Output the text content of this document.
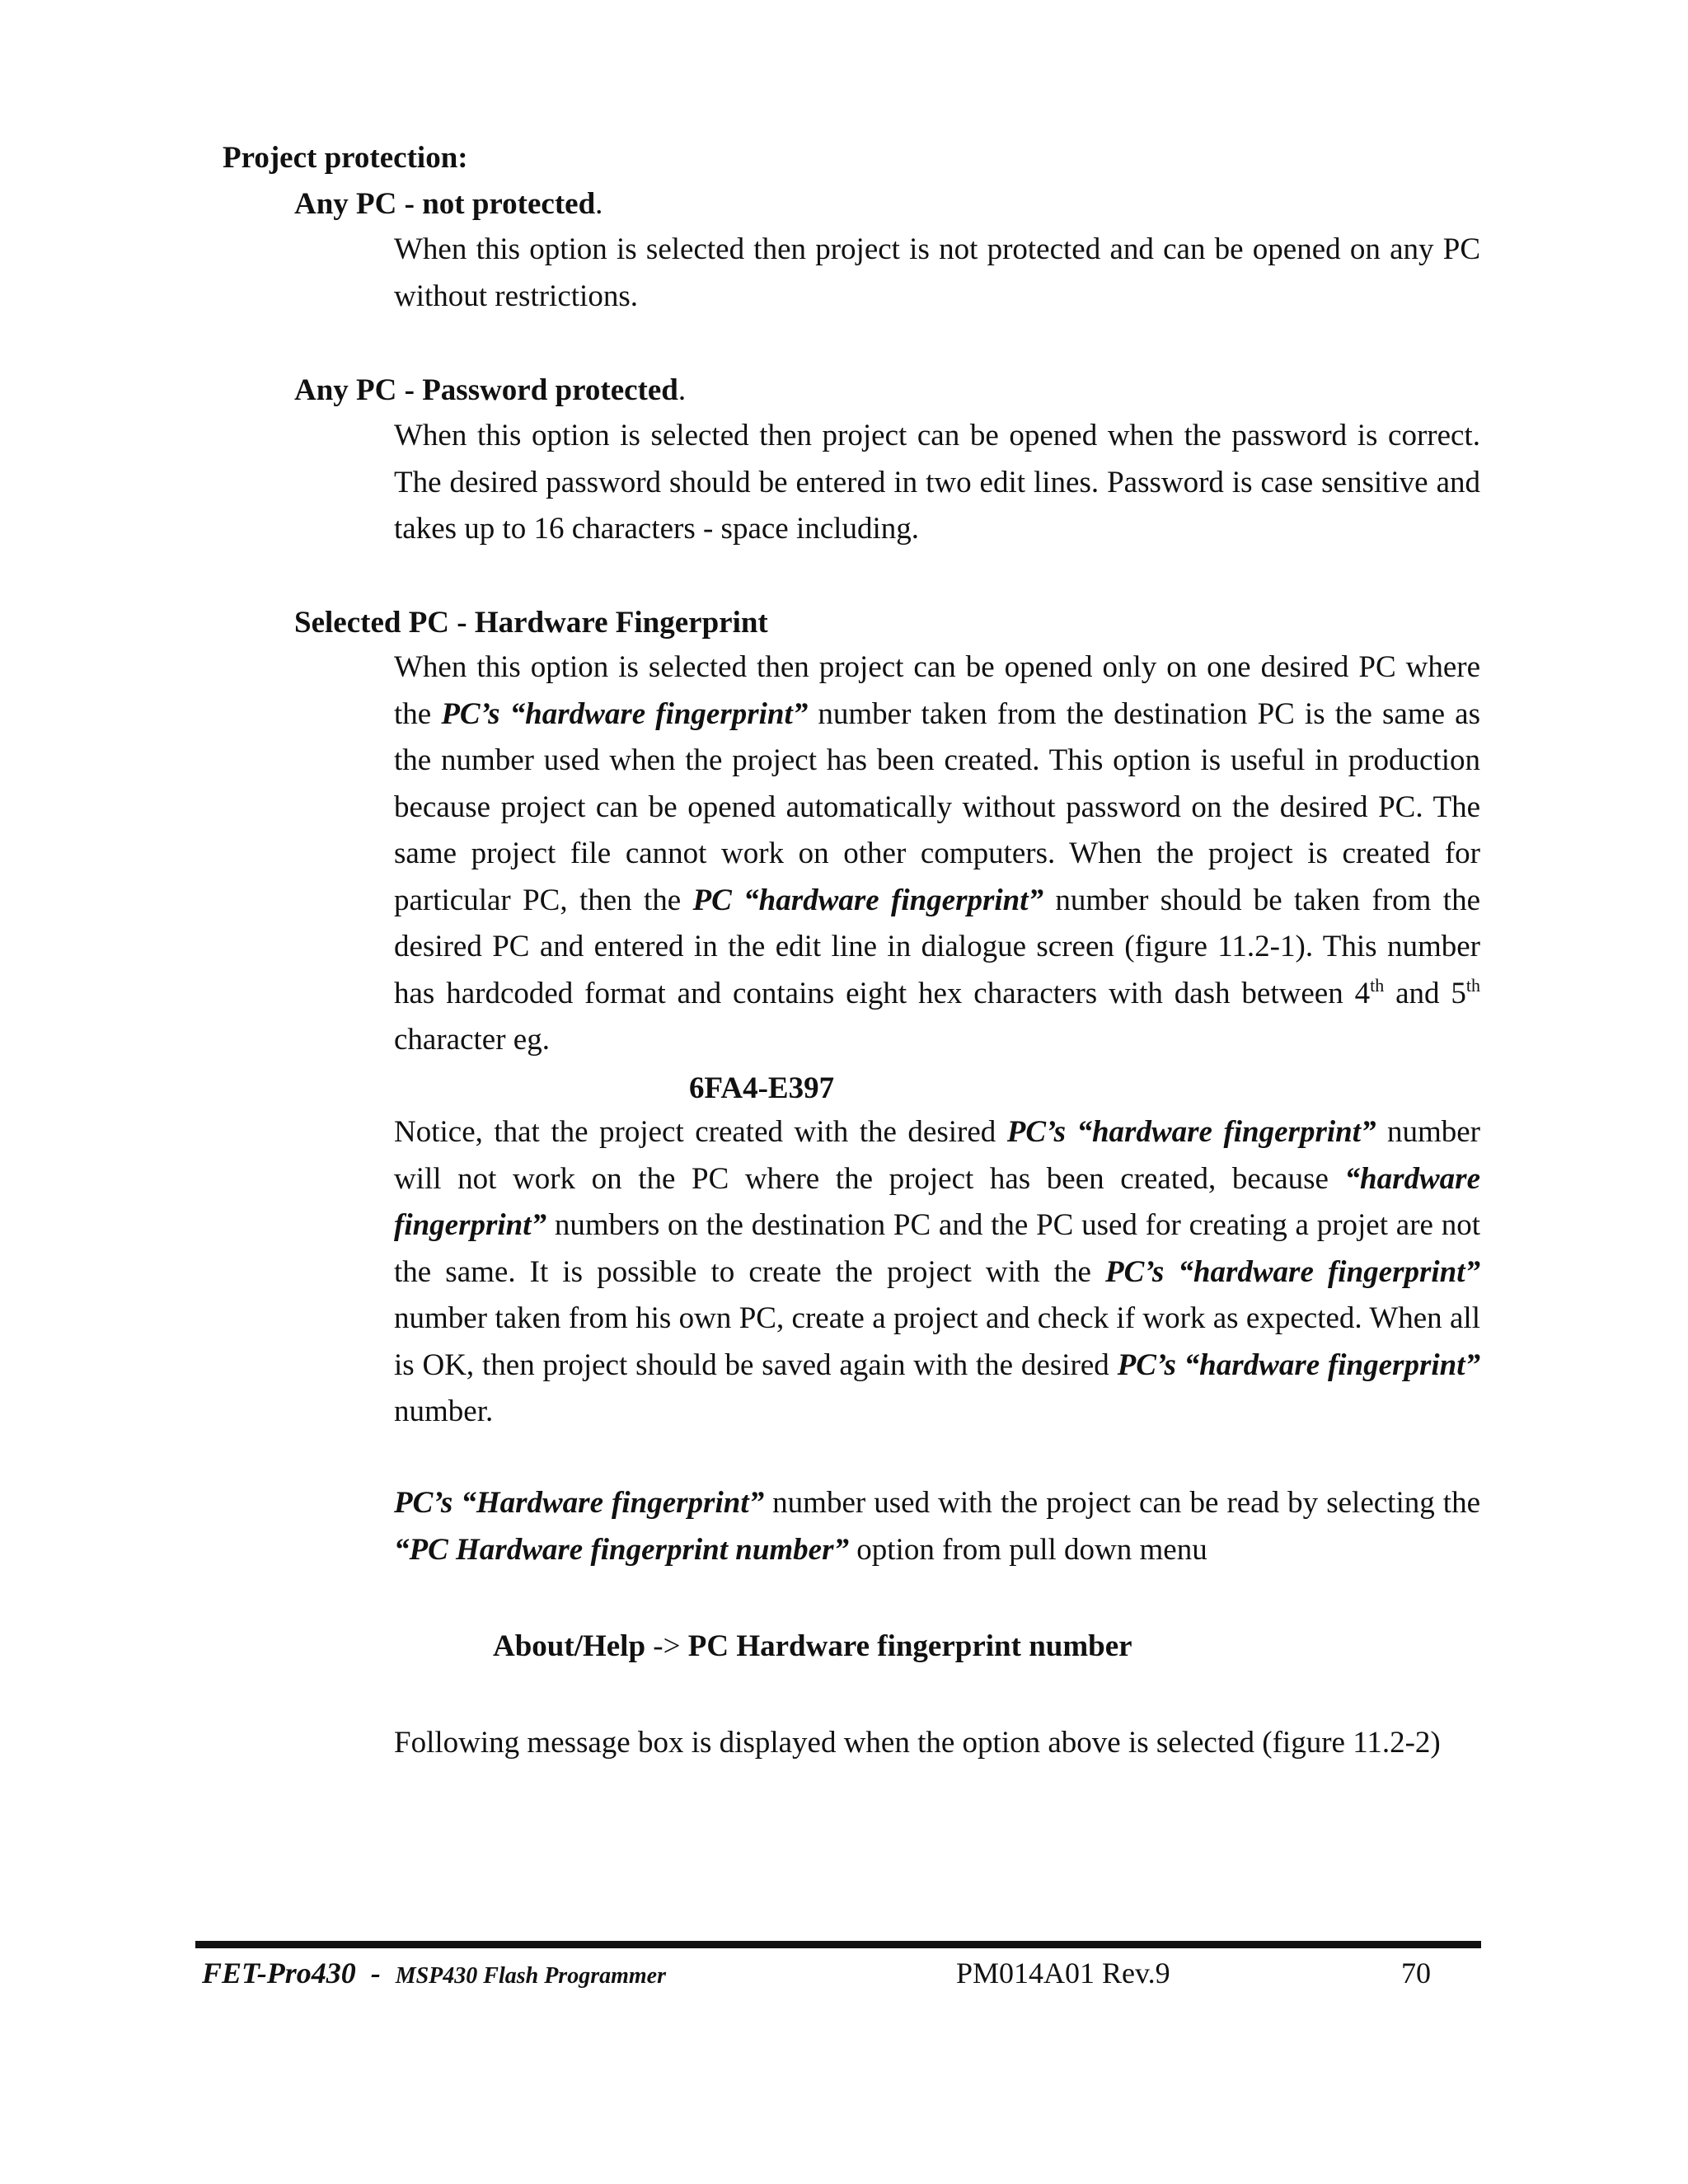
Project protection:
Any PC - not protected.
When this option is selected then project is not protected and can be opened on any PC without restrictions.
Any PC - Password protected.
When this option is selected then project can be opened when the password is correct. The desired password should be entered in two edit lines. Password is case sensitive and takes up to 16 characters - space including.
Selected PC - Hardware Fingerprint
When this option is selected then project can be opened only on one desired PC where the PC’s “hardware fingerprint” number taken from the destination PC is the same as the number used when the project has been created. This option is useful in production because project can be opened automatically without password on the desired PC. The same project file cannot work on other computers. When the project is created for particular PC, then the PC “hardware fingerprint” number should be taken from the desired PC and entered in the edit line in dialogue screen (figure 11.2-1). This number has hardcoded format and contains eight hex characters with dash between 4th and 5th character eg.
6FA4-E397
Notice, that the project created with the desired PC’s “hardware fingerprint” number will not work on the PC where the project has been created, because “hardware fingerprint” numbers on the destination PC and the PC used for creating a projet are not the same. It is possible to create the project with the PC’s “hardware fingerprint” number taken from his own PC, create a project and check if work as expected. When all is OK, then project should be saved again with the desired PC’s “hardware fingerprint” number.
PC’s “Hardware fingerprint” number used with the project can be read by selecting the “PC Hardware fingerprint number” option from pull down menu
About/Help -> PC Hardware fingerprint number
Following message box is displayed when the option above is selected (figure 11.2-2)
FET-Pro430  -  MSP430 Flash Programmer	PM014A01 Rev.9	70
